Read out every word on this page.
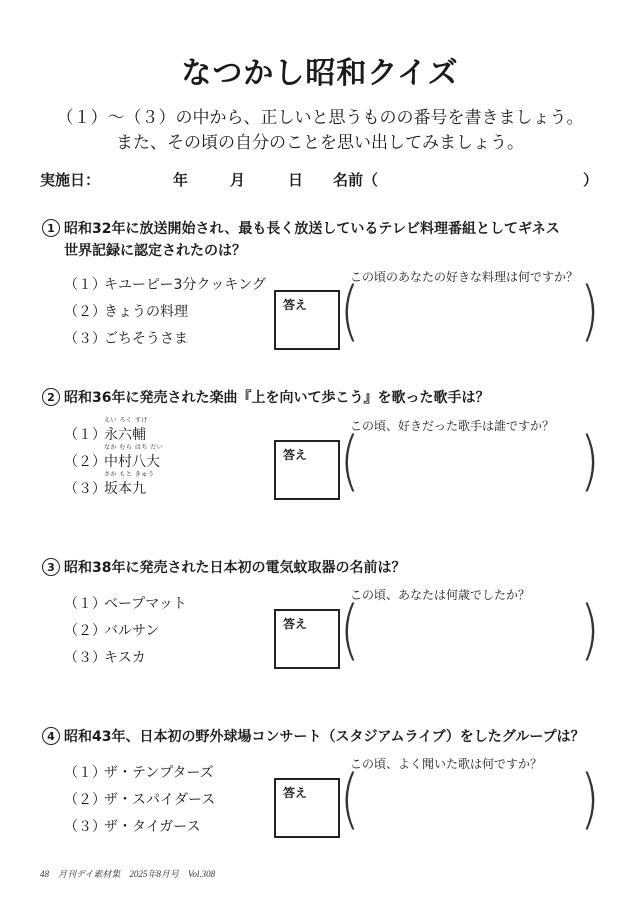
なつかし昭和クイズ
（１）〜（３）の中から、正しいと思うものの番号を書きましょう。
また、その頃の自分のことを思い出してみましょう。
実施日：	年	月	日 名前（	）
1 昭和32年に放送開始され、最も長く放送しているテレビ料理番組としてギネス
世界記録に認定されたのは？
（１）キユーピー3分クッキング
（２）きょうの料理
（３）ごちそうさま
答え
この頃のあなたの好きな料理は何ですか？
(	)
2 昭和36年に発売された楽曲『上を向いて歩こう』を歌った歌手は？
（１）
えい ろく すけ
永六輔
（２）
なか むら はち だい
中村八大
（３）
さか もと きゅう
坂本九
答え
この頃、好きだった歌手は誰ですか？
(	)
3 昭和38年に発売された日本初の電気蚊取器の名前は？
（１）ベープマット
（２）バルサン
（３）キスカ
答え
この頃、あなたは何歳でしたか？
(	)
4 昭和43年、日本初の野外球場コンサート（スタジアムライブ）をしたグループは？
（１）ザ・テンプターズ
（２）ザ・スパイダース
（３）ザ・タイガース
答え
この頃、よく聞いた歌は何ですか？
(	)
48　月刊デイ素材集　2025年8月号　Vol.308
